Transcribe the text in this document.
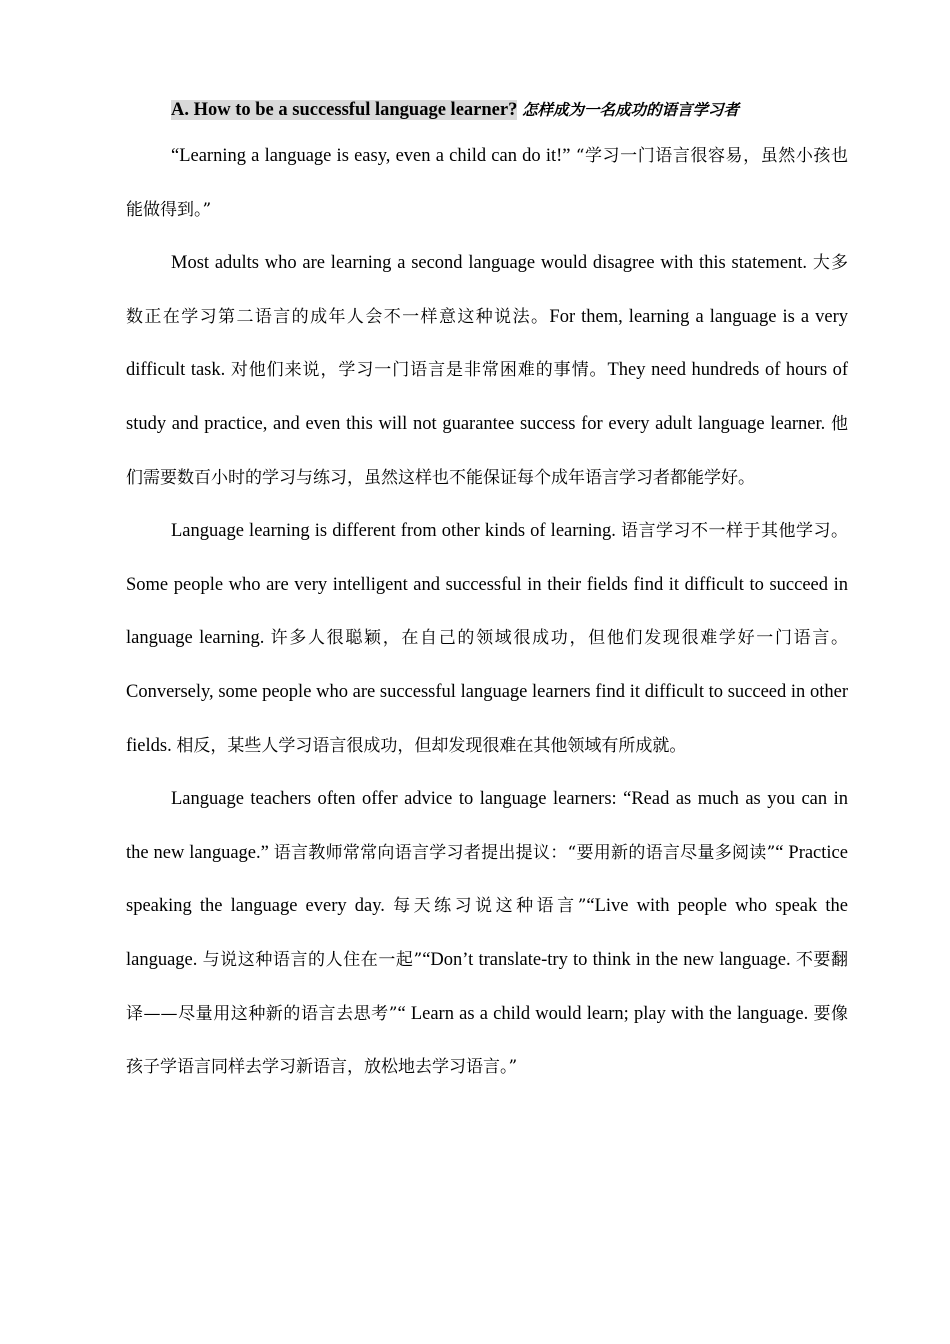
A. How to be a successful language learner? 怎样成为一名成功的语言学习者

“Learning a language is easy, even a child can do it!” “学习一门语言很容易，虽然小孩也能做得到。”

Most adults who are learning a second language would disagree with this statement. 大多数正在学习第二语言的成年人会不一样意这种说法。For them, learning a language is a very difficult task. 对他们来说，学习一门语言是非常困难的事情。They need hundreds of hours of study and practice, and even this will not guarantee success for every adult language learner. 他们需要数百小时的学习与练习，虽然这样也不能保证每个成年语言学习者都能学好。

Language learning is different from other kinds of learning. 语言学习不一样于其他学习。Some people who are very intelligent and successful in their fields find it difficult to succeed in language learning. 许多人很聪颖，在自己的领域很成功，但他们发现很难学好一门语言。Conversely, some people who are successful language learners find it difficult to succeed in other fields. 相反，某些人学习语言很成功，但却发现很难在其他领域有所成就。

Language teachers often offer advice to language learners: “Read as much as you can in the new language.” 语言教师常常向语言学习者提出提议：“要用新的语言尽量多阅读”“ Practice speaking the language every day. 每天练习说这种语言”“Live with people who speak the language. 与说这种语言的人住在一起”“Don’t translate-try to think in the new language. 不要翻译——尽量用这种新的语言去思考”“ Learn as a child would learn; play with the language. 要像孩子学语言同样去学习新语言，放松地去学习语言。”
